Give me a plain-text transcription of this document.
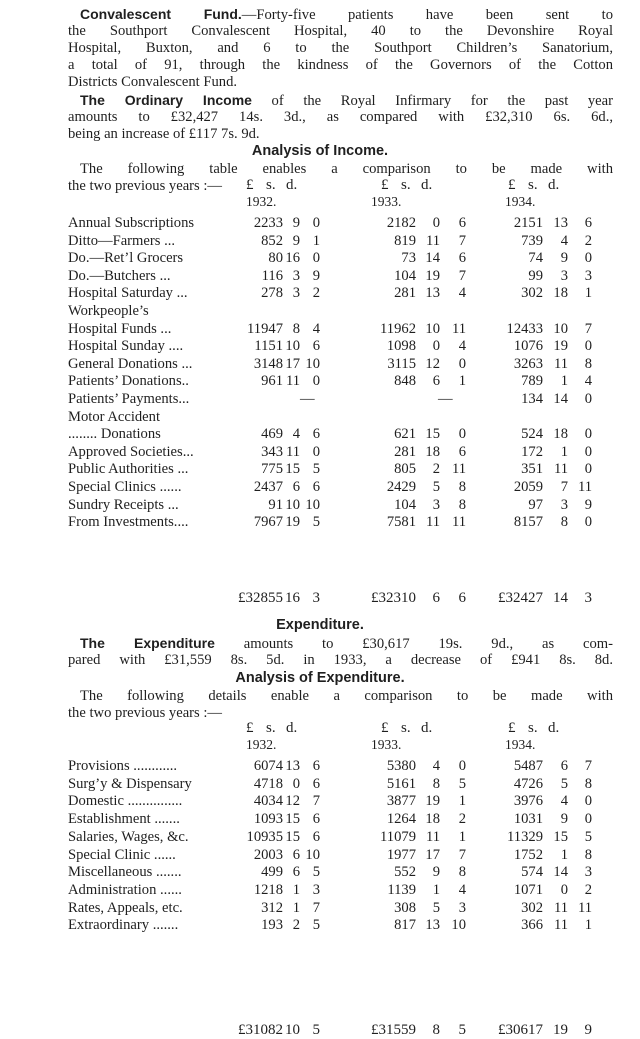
Convalescent Fund.—Forty-five patients have been sent to
the Southport Convalescent Hospital, 40 to the Devonshire Royal
Hospital, Buxton, and 6 to the Southport Children’s Sanatorium,
a total of 91, through the kindness of the Governors of the Cotton
Districts Convalescent Fund.
The Ordinary Income of the Royal Infirmary for the past year
amounts to £32,427 14s. 3d., as compared with £32,310 6s. 6d.,
being an increase of £117 7s. 9d.
Analysis of Income.
The following table enables a comparison to be made with
the two previous years :—	£ s. d.	£ s. d.	£ s. d.
1932.	1933.	1934.
Annual Subscriptions	2233 9 0	2182 0 6	2151 13 6
Ditto—Farmers ...	852 9 1	819 11 7	739 4 2
Do.—Ret’l Grocers	80 16 0	73 14 6	74 9 0
Do.—Butchers ...	116 3 9	104 19 7	99 3 3
Hospital Saturday ...	278 3 2	281 13 4	302 18 1
Workpeople’s
Hospital Funds ...	11947 8 4	11962 10 11	12433 10 7
Hospital Sunday ....	1151 10 6	1098 0 4	1076 19 0
General Donations ...	3148 17 10	3115 12 0	3263 11 8
Patients’ Donations..	961 11 0	848 6 1	789 1 4
Patients’ Payments...	—	—	134 14 0
Motor Accident
........ Donations	469 4 6	621 15 0	524 18 0
Approved Societies...	343 11 0	281 18 6	172 1 0
Public Authorities ...	775 15 5	805 2 11	351 11 0
Special Clinics ......	2437 6 6	2429 5 8	2059 7 11
Sundry Receipts ...	91 10 10	104 3 8	97 3 9
From Investments....	7967 19 5	7581 11 11	8157 8 0
£32855 16 3	£32310 6 6 £32427 14 3
Expenditure.
The Expenditure amounts to £30,617 19s. 9d., as com-
pared with £31,559 8s. 5d. in 1933, a decrease of £941 8s. 8d.
Analysis of Expenditure.
The following details enable a comparison to be made with
the two previous years :—
£ s. d.	£ s. d.	£ s. d.
1932.	1933.	1934.
Provisions ............	6074 13 6	5380 4 0	5487 6 7
Surg’y & Dispensary	4718 0 6	5161 8 5	4726 5 8
Domestic ...............	4034 12 7	3877 19 1	3976 4 0
Establishment .......	1093 15 6	1264 18 2	1031 9 0
Salaries, Wages, &c.	10935 15 6	11079 11 1	11329 15 5
Special Clinic ......	2003 6 10	1977 17 7	1752 1 8
Miscellaneous .......	499 6 5	552 9 8	574 14 3
Administration ......	1218 1 3	1139 1 4	1071 0 2
Rates, Appeals, etc.	312 1 7	308 5 3	302 11 11
Extraordinary .......	193 2 5	817 13 10	366 11 1
£31082 10 5	£31559 8 5 £30617 19 9
